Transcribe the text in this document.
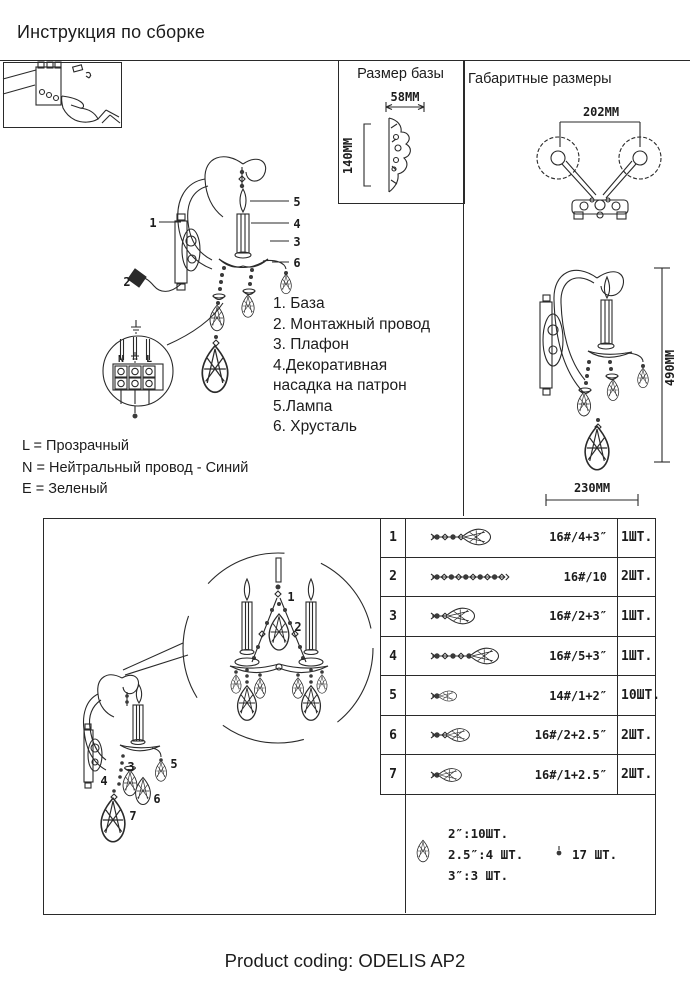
Инструкция по сборке
Размер базы
58MM
140MM
Габаритные размеры
202MM
490MM
230MM
1. База
2. Монтажный провод
3. Плафон
4.Декоративная
насадка на патрон
5.Лампа
6. Хрусталь
L = Прозрачный
N = Нейтральный провод - Синий
E = Зеленый
1
2
3
4
5
6
N L
1
2
3
4
5
6
7
1	16#/4+3″ 1ШТ.
2	16#/10 2ШТ.
3	16#/2+3″ 1ШТ.
4	16#/5+3″ 1ШТ.
5	14#/1+2″ 10ШТ.
6	16#/2+2.5″ 2ШТ.
7	16#/1+2.5″ 2ШТ.
2″:10ШТ.
2.5″:4 ШТ.
3″:3 ШТ.
17 ШТ.
Product coding: ODELIS AP2
